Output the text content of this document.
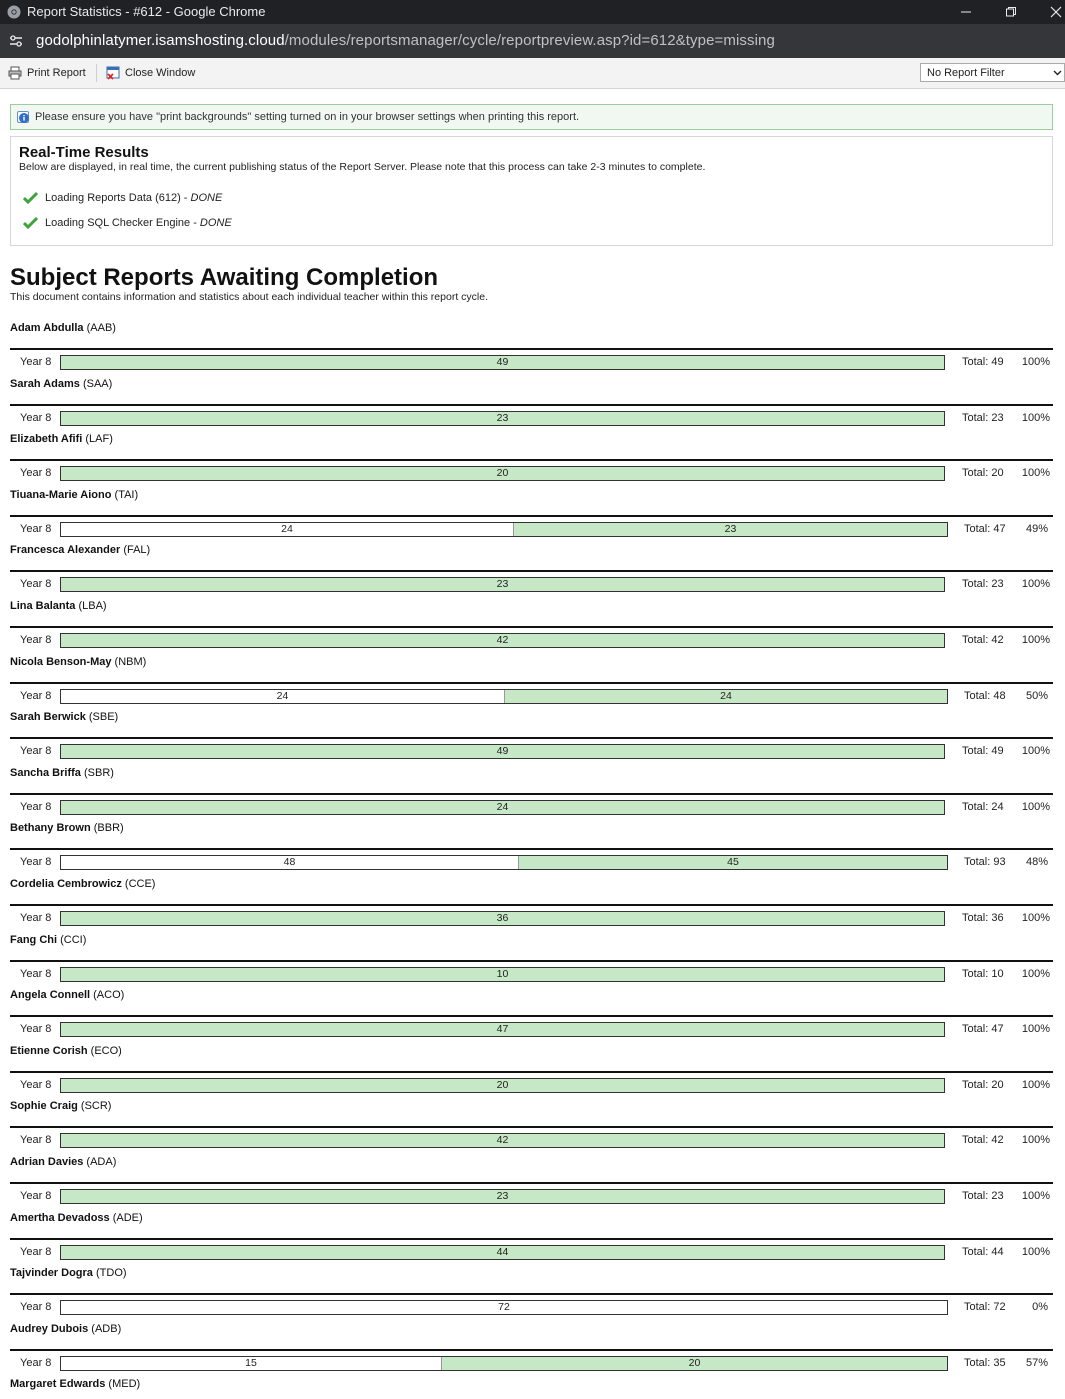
Report Statistics - #612 - Google Chrome
godolphinlatymer.isamshosting.cloud/modules/reportsmanager/cycle/reportpreview.asp?id=612&type=missing
Print Report	Close Window	No Report Filter
Please ensure you have "print backgrounds" setting turned on in your browser settings when printing this report.
Real-Time Results
Below are displayed, in real time, the current publishing status of the Report Server. Please note that this process can take 2-3 minutes to complete.
Loading Reports Data (612) -
DONE
Loading SQL Checker Engine -
DONE
Subject Reports Awaiting Completion
This document contains information and statistics about each individual teacher within this report cycle.
Adam Abdulla (AAB)
Year 8	49	Total: 49	100%
Sarah Adams (SAA)
Year 8	23	Total: 23	100%
Elizabeth Afifi (LAF)
Year 8	20	Total: 20	100%
Tiuana-Marie Aiono (TAI)
Year 8	24	23	Total: 47	49%
Francesca Alexander (FAL)
Year 8	23	Total: 23	100%
Lina Balanta (LBA)
Year 8	42	Total: 42	100%
Nicola Benson-May (NBM)
Year 8	24	24	Total: 48	50%
Sarah Berwick (SBE)
Year 8	49	Total: 49	100%
Sancha Briffa (SBR)
Year 8	24	Total: 24	100%
Bethany Brown (BBR)
Year 8	48	45	Total: 93	48%
Cordelia Cembrowicz (CCE)
Year 8	36	Total: 36	100%
Fang Chi (CCI)
Year 8	10	Total: 10	100%
Angela Connell (ACO)
Year 8	47	Total: 47	100%
Etienne Corish (ECO)
Year 8	20	Total: 20	100%
Sophie Craig (SCR)
Year 8	42	Total: 42	100%
Adrian Davies (ADA)
Year 8	23	Total: 23	100%
Amertha Devadoss (ADE)
Year 8	44	Total: 44	100%
Tajvinder Dogra (TDO)
Year 8	72	Total: 72	0%
Audrey Dubois (ADB)
Year 8	15	20	Total: 35	57%
Margaret Edwards (MED)
